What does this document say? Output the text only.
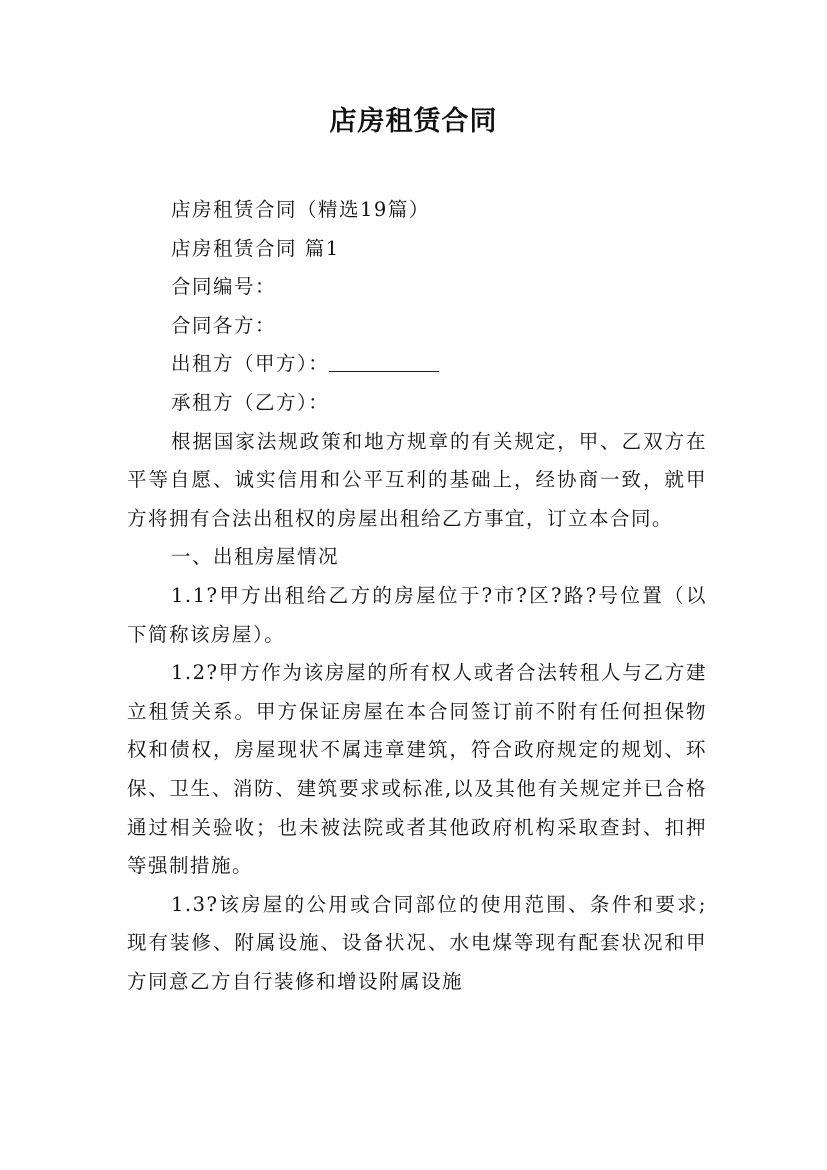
店房租赁合同

店房租赁合同（精选19篇）

店房租赁合同 篇1

合同编号：

合同各方：

出租方（甲方）：

承租方（乙方）：

根据国家法规政策和地方规章的有关规定，甲、乙双方在平等自愿、诚实信用和公平互利的基础上，经协商一致，就甲方将拥有合法出租权的房屋出租给乙方事宜，订立本合同。

一、出租房屋情况

1.1?甲方出租给乙方的房屋位于?市?区?路?号位置（以下简称该房屋）。

1.2?甲方作为该房屋的所有权人或者合法转租人与乙方建立租赁关系。甲方保证房屋在本合同签订前不附有任何担保物权和债权，房屋现状不属违章建筑，符合政府规定的规划、环保、卫生、消防、建筑要求或标准,以及其他有关规定并已合格通过相关验收；也未被法院或者其他政府机构采取查封、扣押等强制措施。

1.3?该房屋的公用或合同部位的使用范围、条件和要求;现有装修、附属设施、设备状况、水电煤等现有配套状况和甲方同意乙方自行装修和增设附属设施
